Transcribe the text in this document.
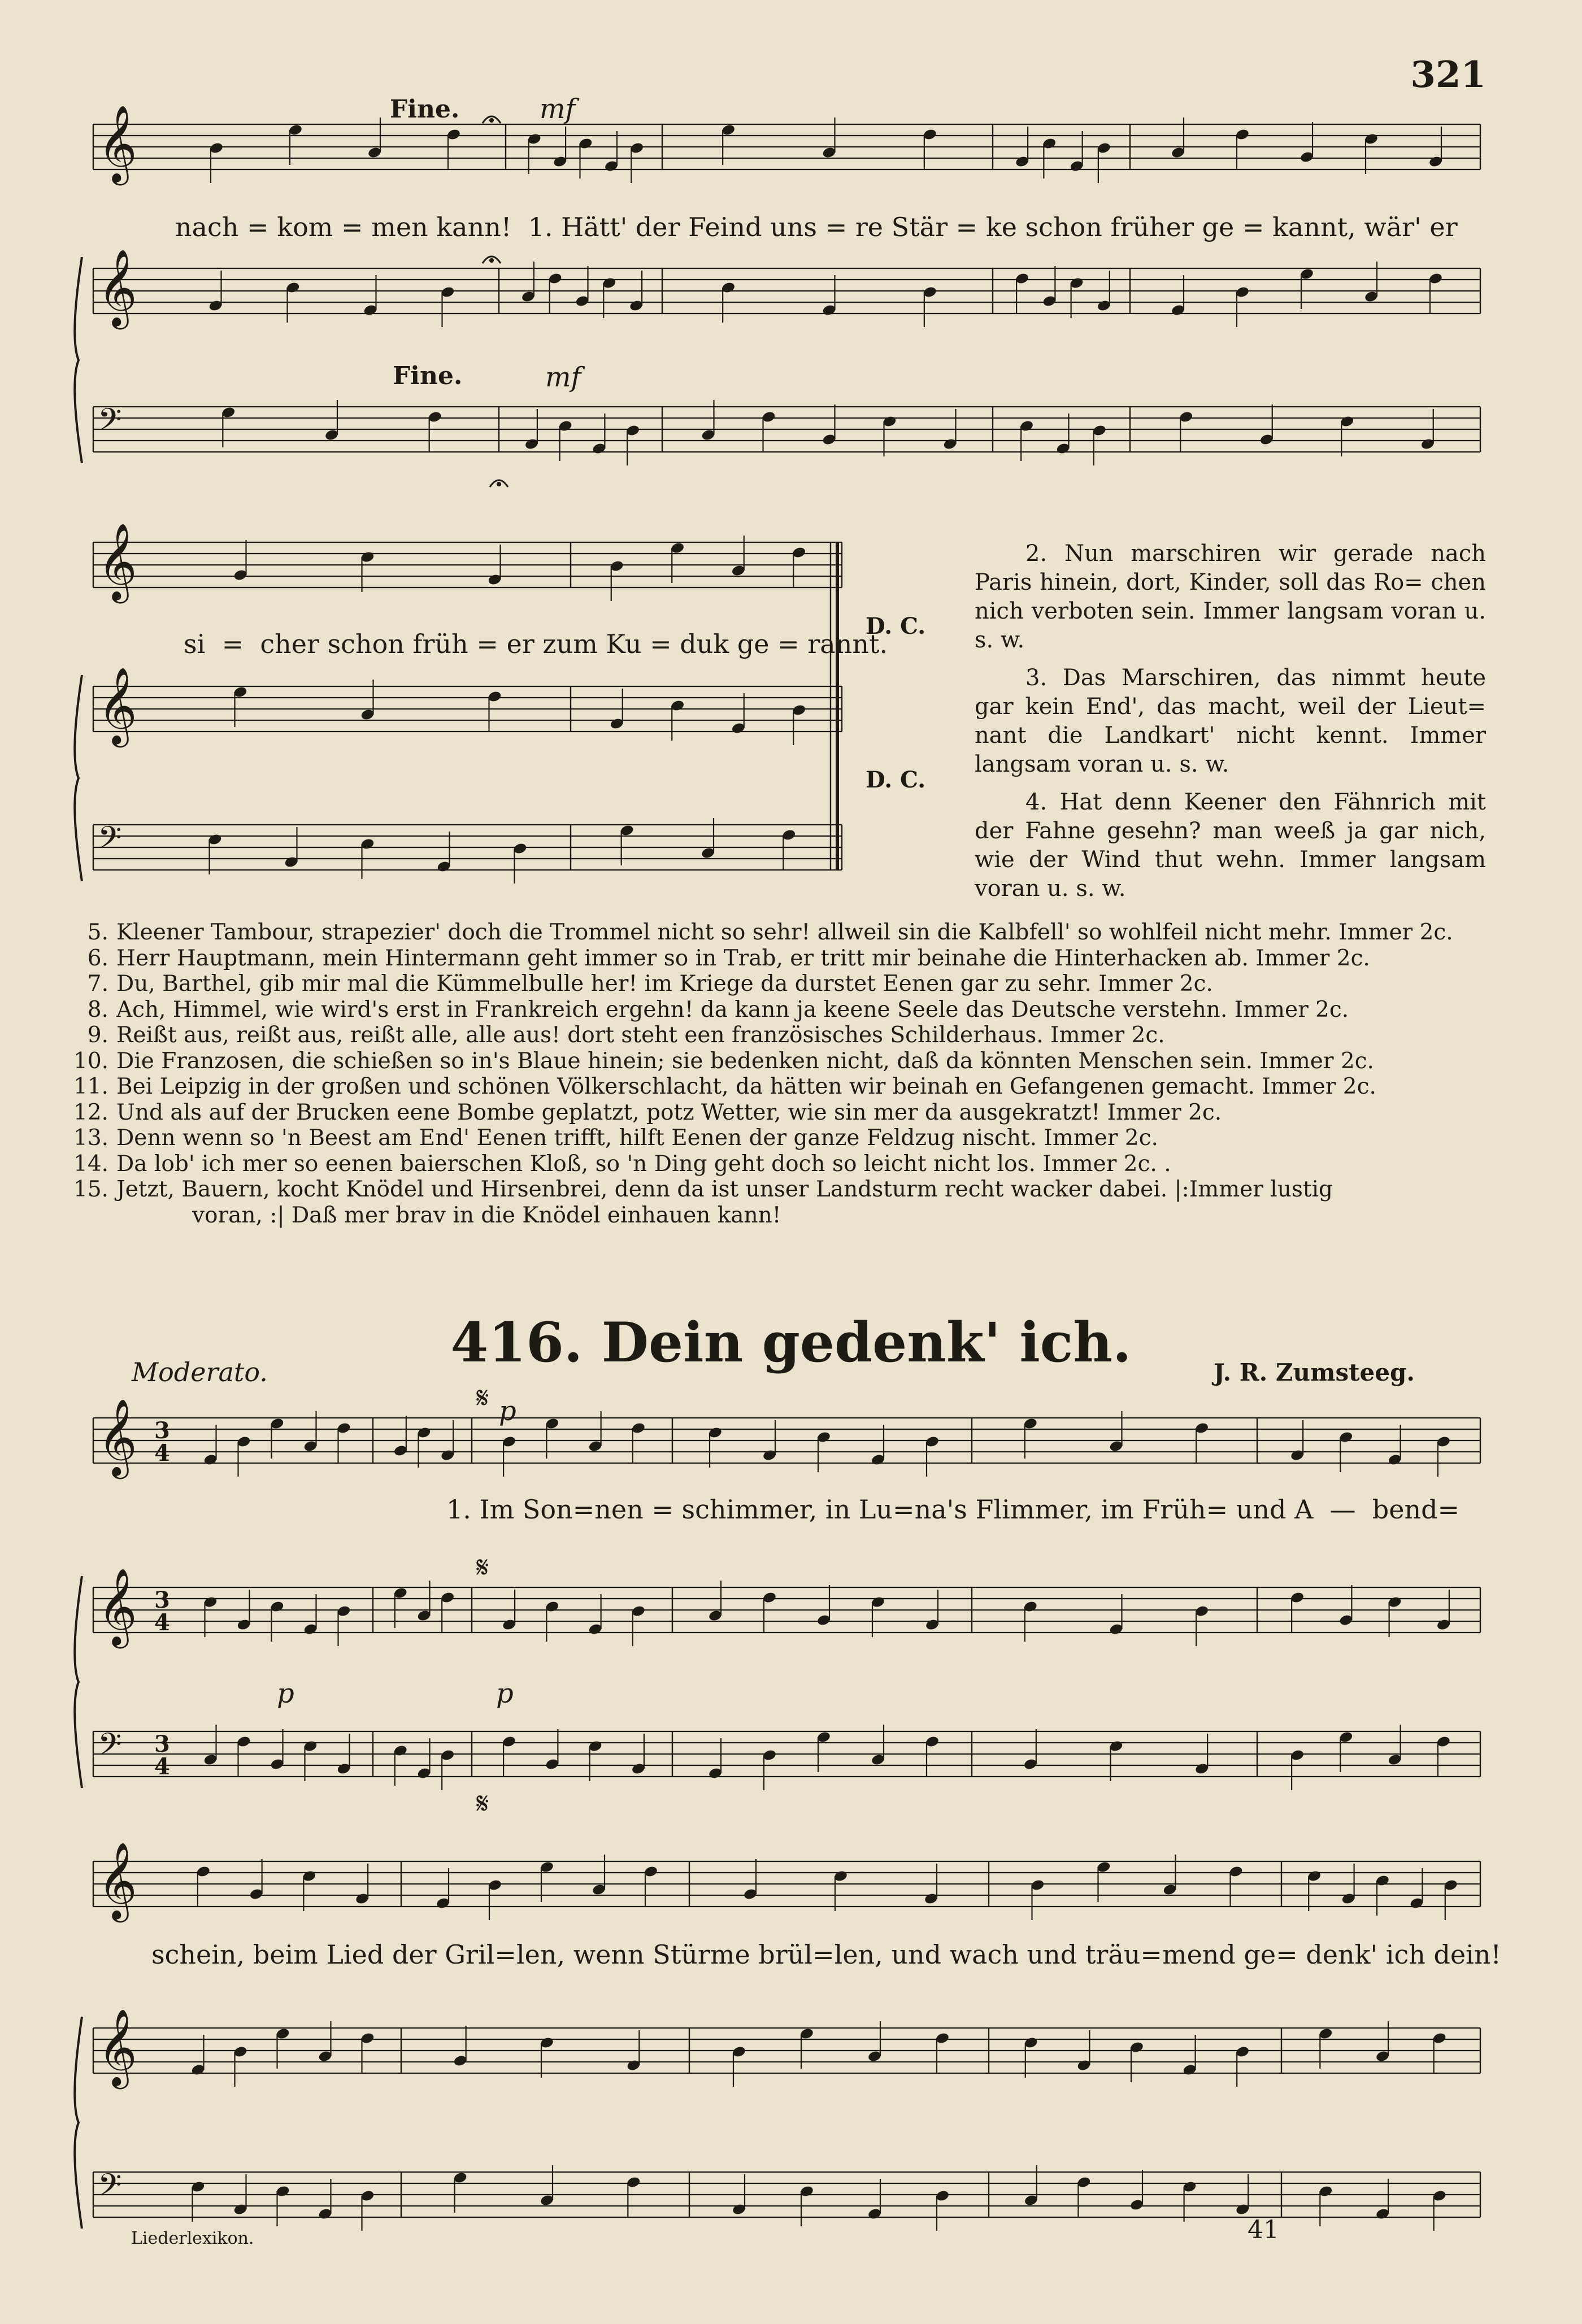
321
𝄞
𝄞
𝄢
𝄞
𝄞
𝄢
𝄞 3
4
𝄞 3
4
𝄢 3
4
𝄞
𝄞
𝄢
𝄋
𝄋
𝄋
Fine.	mf
Fine.	mf
nach = kom = men kann!  1. Hätt' der Feind uns = re Stär = ke schon früher ge = kannt, wär' er
si  =  cher schon früh = er zum Ku = duk ge = rannt.
D. C.
D. C.

2. Nun marschiren wir gerade nach Paris hinein, dort, Kinder, soll das Ro= chen nich verboten sein. Immer langsam voran u. s. w.

3. Das Marschiren, das nimmt heute gar kein End', das macht, weil der Lieut= nant die Landkart' nicht kennt. Immer langsam voran u. s. w.

4. Hat denn Keener den Fähnrich mit der Fahne gesehn? man weeß ja gar nich, wie der Wind thut wehn. Immer langsam voran u. s. w.

5. Kleener Tambour, strapezier' doch die Trommel nicht so sehr! allweil sin die Kalbfell' so wohlfeil nicht mehr. Immer 2c.
6. Herr Hauptmann, mein Hintermann geht immer so in Trab, er tritt mir beinahe die Hinterhacken ab. Immer 2c.
7. Du, Barthel, gib mir mal die Kümmelbulle her! im Kriege da durstet Eenen gar zu sehr. Immer 2c.
8. Ach, Himmel, wie wird's erst in Frankreich ergehn! da kann ja keene Seele das Deutsche verstehn. Immer 2c.
9. Reißt aus, reißt aus, reißt alle, alle aus! dort steht een französisches Schilderhaus. Immer 2c.
10. Die Franzosen, die schießen so in's Blaue hinein; sie bedenken nicht, daß da könnten Menschen sein. Immer 2c.
11. Bei Leipzig in der großen und schönen Völkerschlacht, da hätten wir beinah en Gefangenen gemacht. Immer 2c.
12. Und als auf der Brucken eene Bombe geplatzt, potz Wetter, wie sin mer da ausgekratzt! Immer 2c.
13. Denn wenn so 'n Beest am End' Eenen trifft, hilft Eenen der ganze Feldzug nischt. Immer 2c.
14. Da lob' ich mer so eenen baierschen Kloß, so 'n Ding geht doch so leicht nicht los. Immer 2c. .
15. Jetzt, Bauern, kocht Knödel und Hirsenbrei, denn da ist unser Landsturm recht wacker dabei. |:Immer lustig
voran, :| Daß mer brav in die Knödel einhauen kann!
416. Dein gedenk' ich.
Moderato.	J. R. Zumsteeg.
p
p	p
1. Im Son=nen = schimmer, in Lu=na's Flimmer, im Früh= und A  —  bend=
schein, beim Lied der Gril=len, wenn Stürme brül=len, und wach und träu=mend ge= denk' ich dein!
Liederlexikon.	41
